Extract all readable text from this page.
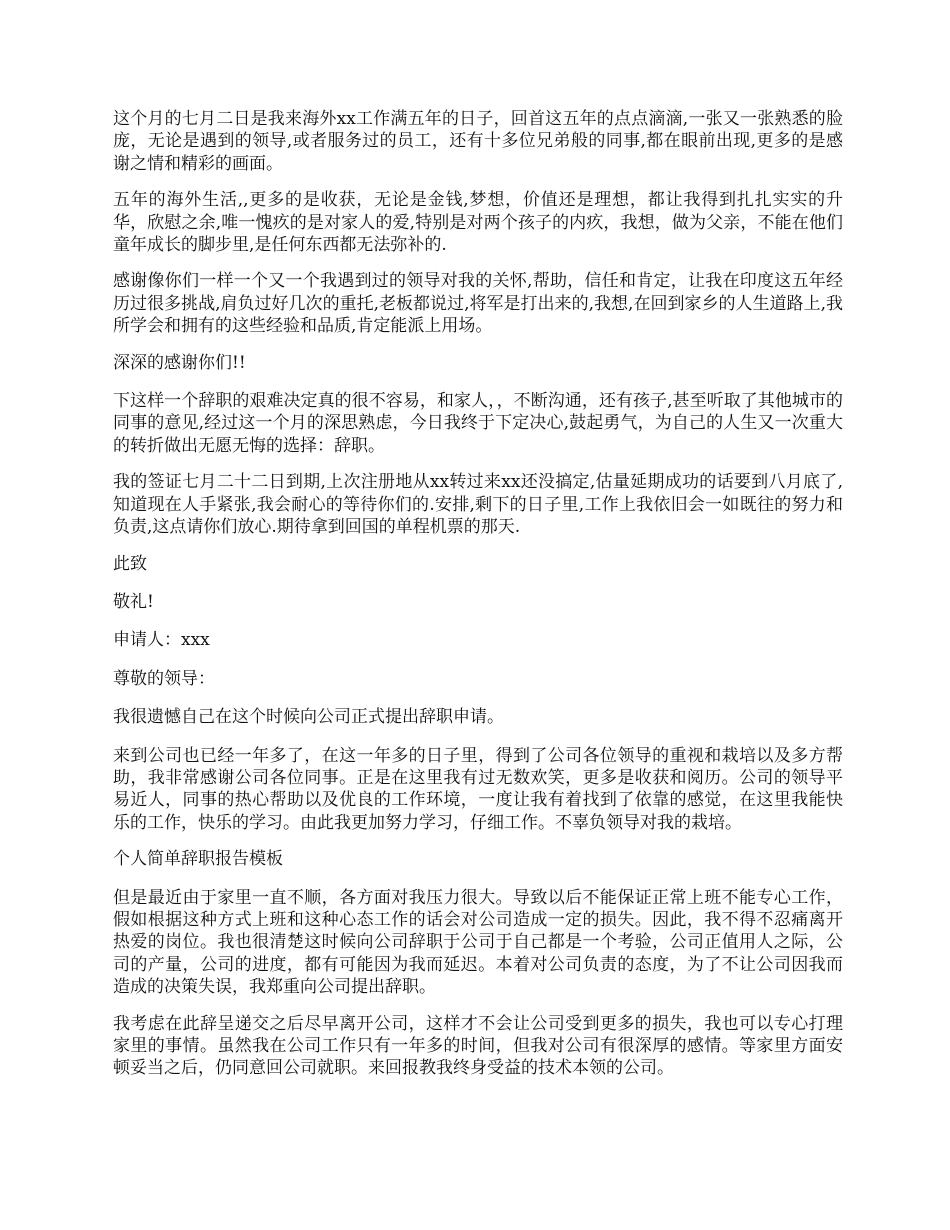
这个月的七月二日是我来海外xx工作满五年的日子，回首这五年的点点滴滴,一张又一张熟悉的脸庞，无论是遇到的领导,或者服务过的员工，还有十多位兄弟般的同事,都在眼前出现,更多的是感谢之情和精彩的画面。

五年的海外生活,,更多的是收获，无论是金钱,梦想，价值还是理想，都让我得到扎扎实实的升华，欣慰之余,唯一愧疚的是对家人的爱,特别是对两个孩子的内疚，我想，做为父亲，不能在他们童年成长的脚步里,是任何东西都无法弥补的.

感谢像你们一样一个又一个我遇到过的领导对我的关怀,帮助，信任和肯定，让我在印度这五年经历过很多挑战,肩负过好几次的重托,老板都说过,将军是打出来的,我想,在回到家乡的人生道路上,我所学会和拥有的这些经验和品质,肯定能派上用场。

深深的感谢你们!!

下这样一个辞职的艰难决定真的很不容易，和家人，，不断沟通，还有孩子,甚至听取了其他城市的同事的意见,经过这一个月的深思熟虑，今日我终于下定决心,鼓起勇气，为自己的人生又一次重大的转折做出无愿无悔的选择：辞职。

我的签证七月二十二日到期,上次注册地从xx转过来xx还没搞定,估量延期成功的话要到八月底了,知道现在人手紧张,我会耐心的等待你们的.安排,剩下的日子里,工作上我依旧会一如既往的努力和负责,这点请你们放心.期待拿到回国的单程机票的那天.

此致

敬礼!

申请人：xxx

尊敬的领导：

我很遗憾自己在这个时候向公司正式提出辞职申请。

来到公司也已经一年多了，在这一年多的日子里，得到了公司各位领导的重视和栽培以及多方帮助，我非常感谢公司各位同事。正是在这里我有过无数欢笑，更多是收获和阅历。公司的领导平易近人，同事的热心帮助以及优良的工作环境，一度让我有着找到了依靠的感觉，在这里我能快乐的工作，快乐的学习。由此我更加努力学习，仔细工作。不辜负领导对我的栽培。

个人简单辞职报告模板

但是最近由于家里一直不顺，各方面对我压力很大。导致以后不能保证正常上班不能专心工作，假如根据这种方式上班和这种心态工作的话会对公司造成一定的损失。因此，我不得不忍痛离开热爱的岗位。我也很清楚这时候向公司辞职于公司于自己都是一个考验，公司正值用人之际，公司的产量，公司的进度，都有可能因为我而延迟。本着对公司负责的态度，为了不让公司因我而造成的决策失误，我郑重向公司提出辞职。

我考虑在此辞呈递交之后尽早离开公司，这样才不会让公司受到更多的损失，我也可以专心打理家里的事情。虽然我在公司工作只有一年多的时间，但我对公司有很深厚的感情。等家里方面安顿妥当之后，仍同意回公司就职。来回报教我终身受益的技术本领的公司。
